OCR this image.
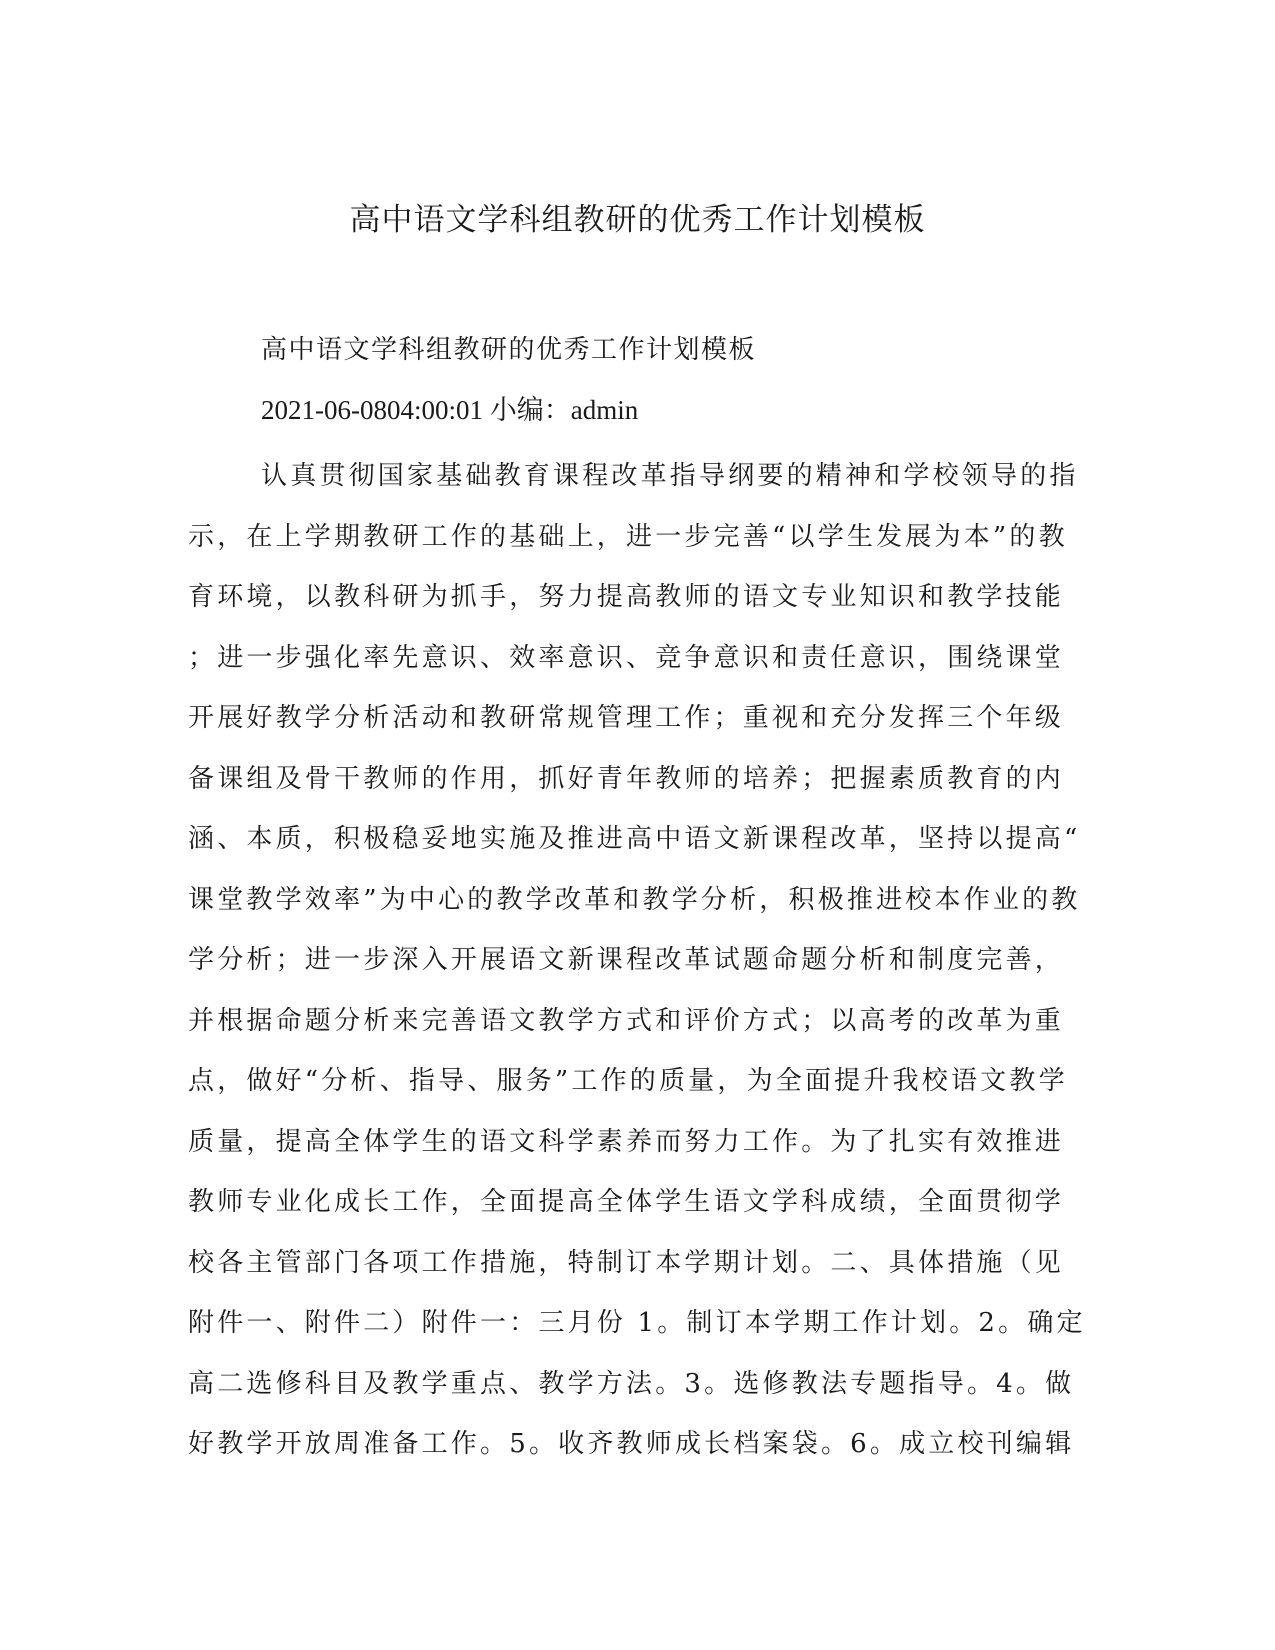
高中语文学科组教研的优秀工作计划模板

高中语文学科组教研的优秀工作计划模板

2021-06-0804:00:01 小编：admin

认真贯彻国家基础教育课程改革指导纲要的精神和学校领导的指
示，在上学期教研工作的基础上，进一步完善“以学生发展为本”的教
育环境，以教科研为抓手，努力提高教师的语文专业知识和教学技能
；进一步强化率先意识、效率意识、竞争意识和责任意识，围绕课堂
开展好教学分析活动和教研常规管理工作；重视和充分发挥三个年级
备课组及骨干教师的作用，抓好青年教师的培养；把握素质教育的内
涵、本质，积极稳妥地实施及推进高中语文新课程改革，坚持以提高“
课堂教学效率”为中心的教学改革和教学分析，积极推进校本作业的教
学分析；进一步深入开展语文新课程改革试题命题分析和制度完善，
并根据命题分析来完善语文教学方式和评价方式；以高考的改革为重
点，做好“分析、指导、服务”工作的质量，为全面提升我校语文教学
质量，提高全体学生的语文科学素养而努力工作。为了扎实有效推进
教师专业化成长工作，全面提高全体学生语文学科成绩，全面贯彻学
校各主管部门各项工作措施，特制订本学期计划。二、具体措施（见
附件一、附件二）附件一：三月份 1。制订本学期工作计划。2。确定
高二选修科目及教学重点、教学方法。3。选修教法专题指导。4。做
好教学开放周准备工作。5。收齐教师成长档案袋。6。成立校刊编辑
